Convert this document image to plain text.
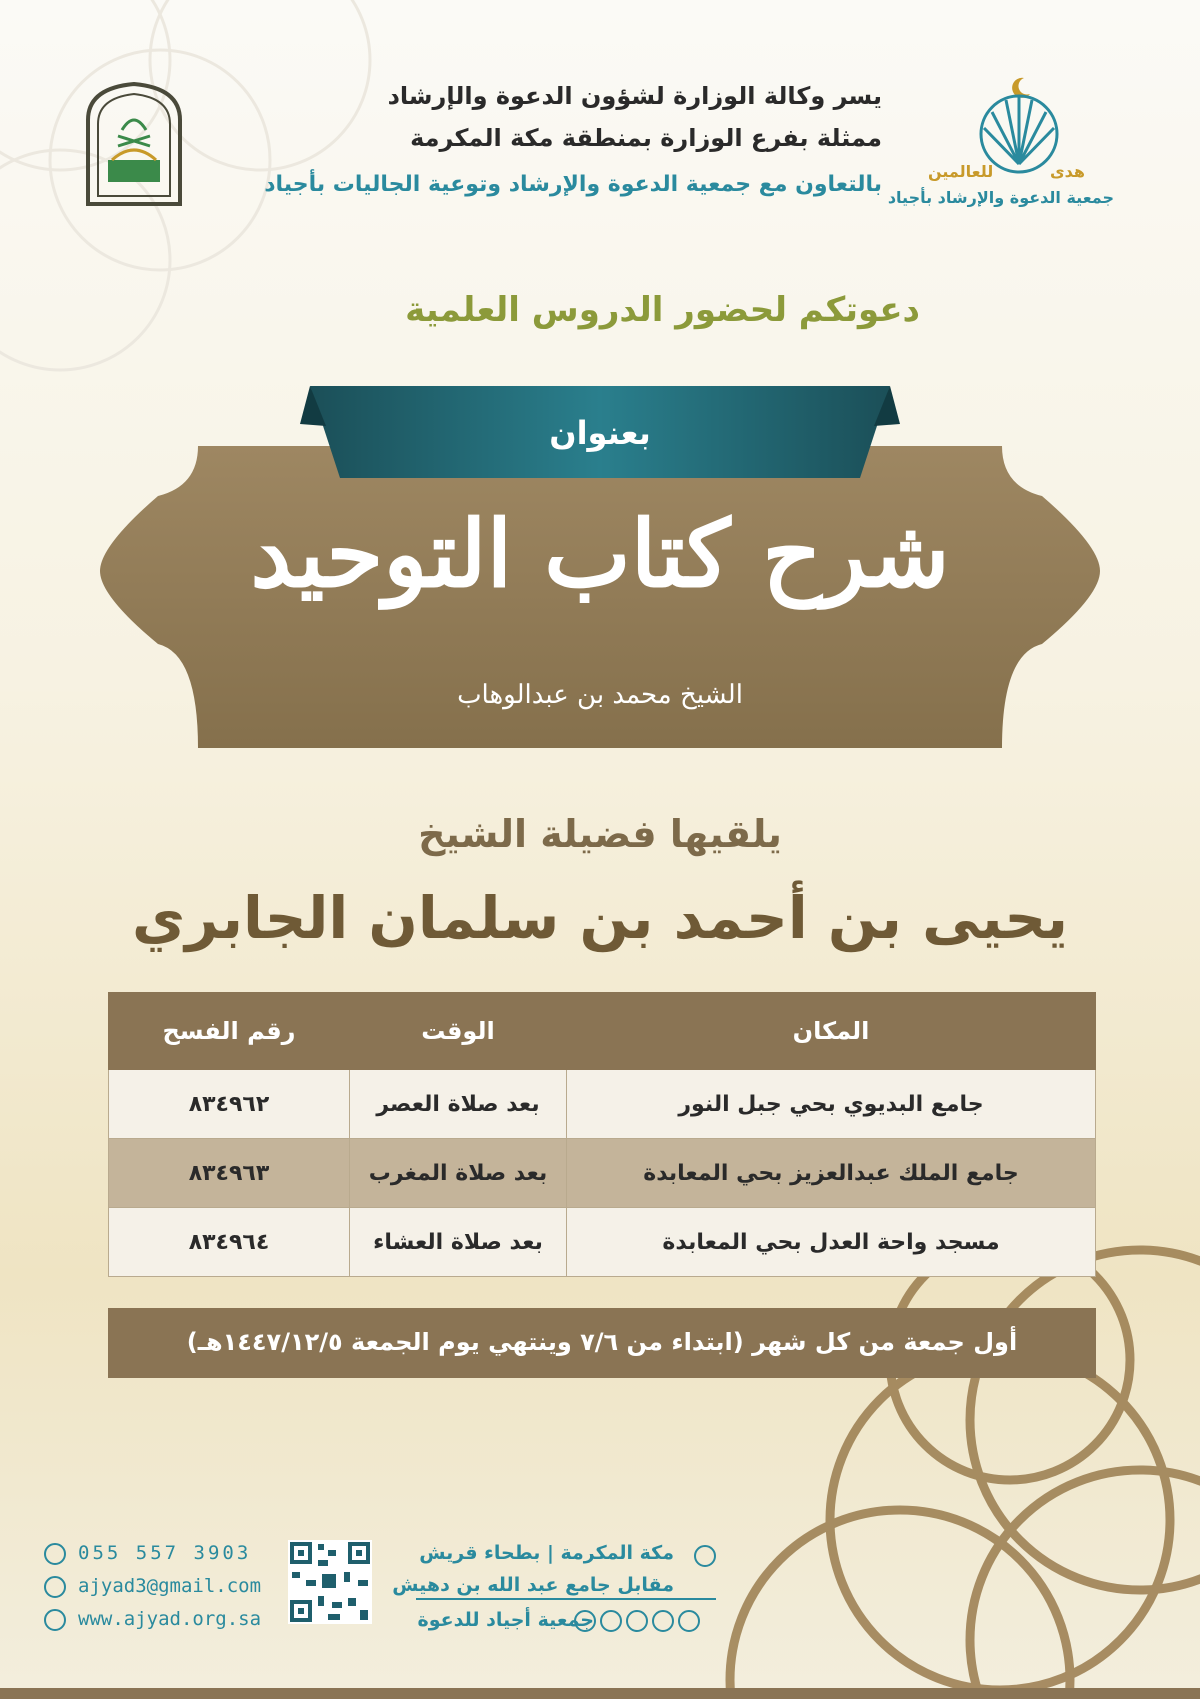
هدى
للعالمين
جمعية الدعوة والإرشاد بأجياد
يسر وكالة الوزارة لشؤون الدعوة والإرشاد
ممثلة بفرع الوزارة بمنطقة مكة المكرمة
بالتعاون مع جمعية الدعوة والإرشاد وتوعية الجاليات بأجياد
دعوتكم لحضور الدروس العلمية
بعنوان
شرح كتاب التوحيد
الشيخ محمد بن عبدالوهاب
يلقيها فضيلة الشيخ
يحيى بن أحمد بن سلمان الجابري
المكان	الوقت	رقم الفسح
جامع البديوي بحي جبل النور	بعد صلاة العصر	٨٣٤٩٦٢
جامع الملك عبدالعزيز بحي المعابدة	بعد صلاة المغرب	٨٣٤٩٦٣
مسجد واحة العدل بحي المعابدة	بعد صلاة العشاء	٨٣٤٩٦٤
أول جمعة من كل شهر (ابتداء من ٧/٦ وينتهي يوم الجمعة ١٤٤٧/١٢/٥هـ)
055 557 3903
ajyad3@gmail.com
www.ajyad.org.sa
مكة المكرمة | بطحاء قريش
مقابل جامع عبد الله بن دهيش
جمعية أجياد للدعوة
